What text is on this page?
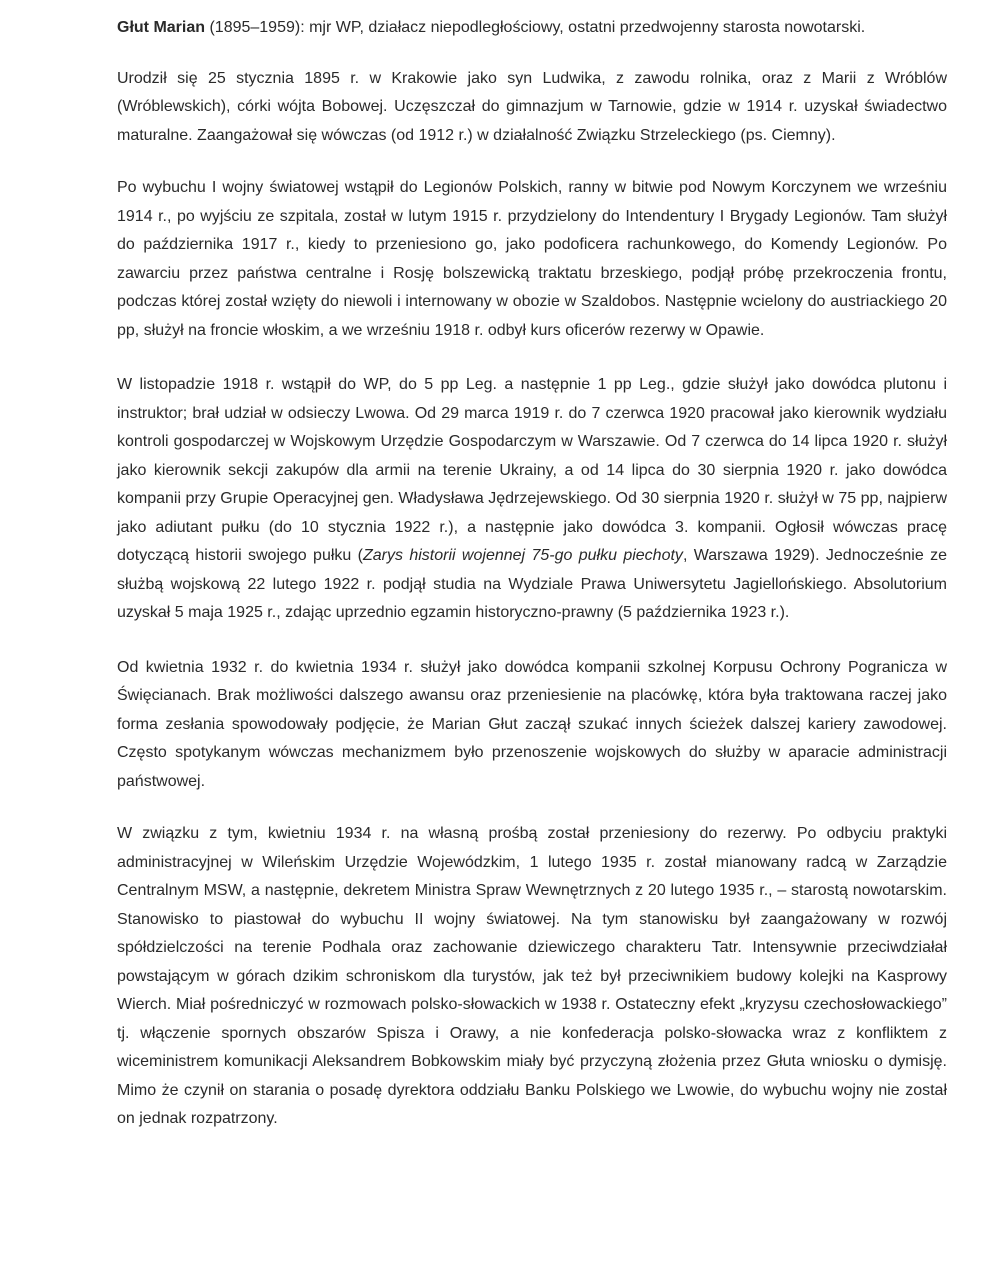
Głut Marian (1895–1959): mjr WP, działacz niepodległościowy, ostatni przedwojenny starosta nowotarski.

Urodził się 25 stycznia 1895 r. w Krakowie jako syn Ludwika, z zawodu rolnika, oraz z Marii z Wróblów (Wróblewskich), córki wójta Bobowej. Uczęszczał do gimnazjum w Tarnowie, gdzie w 1914 r. uzyskał świadectwo maturalne. Zaangażował się wówczas (od 1912 r.) w działalność Związku Strzeleckiego (ps. Ciemny).

Po wybuchu I wojny światowej wstąpił do Legionów Polskich, ranny w bitwie pod Nowym Korczynem we wrześniu 1914 r., po wyjściu ze szpitala, został w lutym 1915 r. przydzielony do Intendentury I Brygady Legionów. Tam służył do października 1917 r., kiedy to przeniesiono go, jako podoficera rachunkowego, do Komendy Legionów. Po zawarciu przez państwa centralne i Rosję bolszewicką traktatu brzeskiego, podjął próbę przekroczenia frontu, podczas której został wzięty do niewoli i internowany w obozie w Szaldobos. Następnie wcielony do austriackiego 20 pp, służył na froncie włoskim, a we wrześniu 1918 r. odbył kurs oficerów rezerwy w Opawie.

W listopadzie 1918 r. wstąpił do WP, do 5 pp Leg. a następnie 1 pp Leg., gdzie służył jako dowódca plutonu i instruktor; brał udział w odsieczy Lwowa. Od 29 marca 1919 r. do 7 czerwca 1920 pracował jako kierownik wydziału kontroli gospodarczej w Wojskowym Urzędzie Gospodarczym w Warszawie. Od 7 czerwca do 14 lipca 1920 r. służył jako kierownik sekcji zakupów dla armii na terenie Ukrainy, a od 14 lipca do 30 sierpnia 1920 r. jako dowódca kompanii przy Grupie Operacyjnej gen. Władysława Jędrzejewskiego. Od 30 sierpnia 1920 r. służył w 75 pp, najpierw jako adiutant pułku (do 10 stycznia 1922 r.), a następnie jako dowódca 3. kompanii. Ogłosił wówczas pracę dotyczącą historii swojego pułku (Zarys historii wojennej 75-go pułku piechoty, Warszawa 1929). Jednocześnie ze służbą wojskową 22 lutego 1922 r. podjął studia na Wydziale Prawa Uniwersytetu Jagiellońskiego. Absolutorium uzyskał 5 maja 1925 r., zdając uprzednio egzamin historyczno-prawny (5 października 1923 r.).

Od kwietnia 1932 r. do kwietnia 1934 r. służył jako dowódca kompanii szkolnej Korpusu Ochrony Pogranicza w Święcianach. Brak możliwości dalszego awansu oraz przeniesienie na placówkę, która była traktowana raczej jako forma zesłania spowodowały podjęcie, że Marian Głut zaczął szukać innych ścieżek dalszej kariery zawodowej. Często spotykanym wówczas mechanizmem było przenoszenie wojskowych do służby w aparacie administracji państwowej.

W związku z tym, kwietniu 1934 r. na własną prośbą został przeniesiony do rezerwy. Po odbyciu praktyki administracyjnej w Wileńskim Urzędzie Wojewódzkim, 1 lutego 1935 r. został mianowany radcą w Zarządzie Centralnym MSW, a następnie, dekretem Ministra Spraw Wewnętrznych z 20 lutego 1935 r., – starostą nowotarskim. Stanowisko to piastował do wybuchu II wojny światowej. Na tym stanowisku był zaangażowany w rozwój spółdzielczości na terenie Podhala oraz zachowanie dziewiczego charakteru Tatr. Intensywnie przeciwdziałał powstającym w górach dzikim schroniskom dla turystów, jak też był przeciwnikiem budowy kolejki na Kasprowy Wierch. Miał pośredniczyć w rozmowach polsko-słowackich w 1938 r. Ostateczny efekt „kryzysu czechosłowackiego” tj. włączenie spornych obszarów Spisza i Orawy, a nie konfederacja polsko-słowacka wraz z konfliktem z wiceministrem komunikacji Aleksandrem Bobkowskim miały być przyczyną złożenia przez Głuta wniosku o dymisję. Mimo że czynił on starania o posadę dyrektora oddziału Banku Polskiego we Lwowie, do wybuchu wojny nie został on jednak rozpatrzony.
